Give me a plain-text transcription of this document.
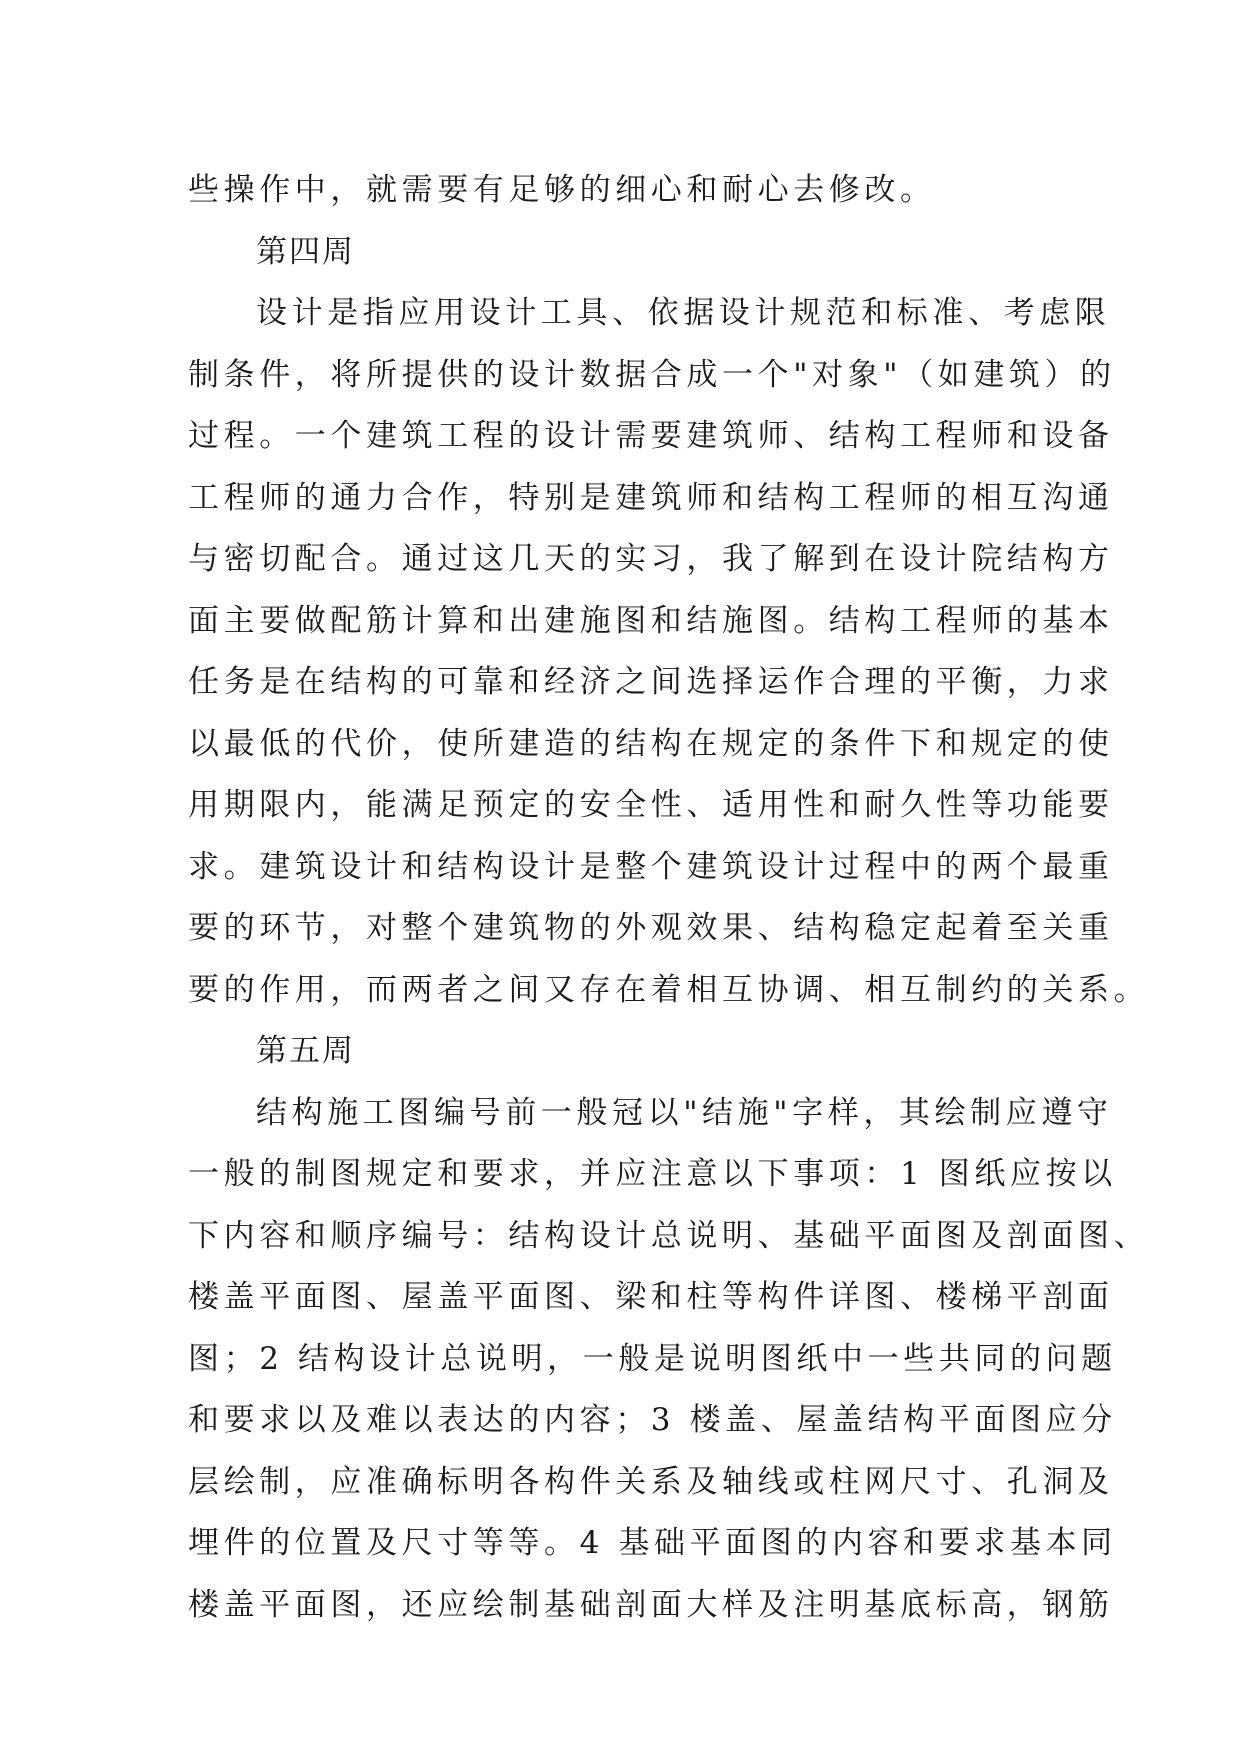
些操作中，就需要有足够的细心和耐心去修改。
第四周
设计是指应用设计工具、依据设计规范和标准、考虑限
制条件，将所提供的设计数据合成一个"对象"（如建筑）的
过程。一个建筑工程的设计需要建筑师、结构工程师和设备
工程师的通力合作，特别是建筑师和结构工程师的相互沟通
与密切配合。通过这几天的实习，我了解到在设计院结构方
面主要做配筋计算和出建施图和结施图。结构工程师的基本
任务是在结构的可靠和经济之间选择运作合理的平衡，力求
以最低的代价，使所建造的结构在规定的条件下和规定的使
用期限内，能满足预定的安全性、适用性和耐久性等功能要
求。建筑设计和结构设计是整个建筑设计过程中的两个最重
要的环节，对整个建筑物的外观效果、结构稳定起着至关重
要的作用，而两者之间又存在着相互协调、相互制约的关系。
第五周
结构施工图编号前一般冠以"结施"字样，其绘制应遵守
一般的制图规定和要求，并应注意以下事项：1 图纸应按以
下内容和顺序编号：结构设计总说明、基础平面图及剖面图、
楼盖平面图、屋盖平面图、梁和柱等构件详图、楼梯平剖面
图；2 结构设计总说明，一般是说明图纸中一些共同的问题
和要求以及难以表达的内容；3 楼盖、屋盖结构平面图应分
层绘制，应准确标明各构件关系及轴线或柱网尺寸、孔洞及
埋件的位置及尺寸等等。4 基础平面图的内容和要求基本同
楼盖平面图，还应绘制基础剖面大样及注明基底标高，钢筋
